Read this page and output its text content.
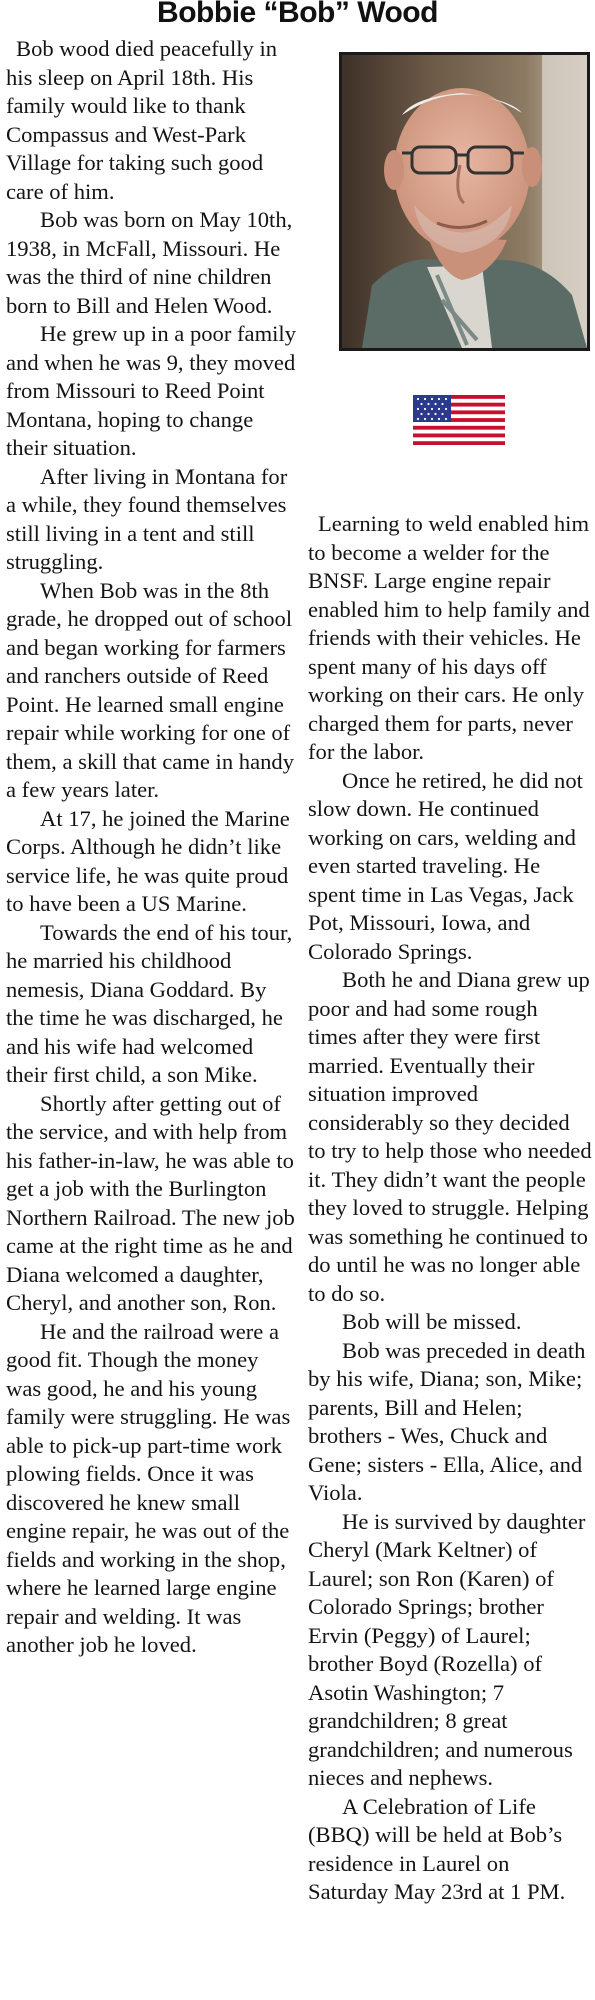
Bobbie “Bob” Wood

Bob wood died peacefully in his sleep on April 18th. His family would like to thank Compassus and West-Park Village for taking such good care of him.

Bob was born on May 10th, 1938, in McFall, Missouri. He was the third of nine children born to Bill and Helen Wood.

He grew up in a poor family and when he was 9, they moved from Missouri to Reed Point Montana, hoping to change their situation.

After living in Montana for a while, they found themselves still living in a tent and still struggling.

When Bob was in the 8th grade, he dropped out of school and began working for farmers and ranchers outside of Reed Point. He learned small engine repair while working for one of them, a skill that came in handy a few years later.

At 17, he joined the Marine Corps. Although he didn’t like service life, he was quite proud to have been a US Marine.

Towards the end of his tour, he married his childhood nemesis, Diana Goddard. By the time he was discharged, he and his wife had welcomed their first child, a son Mike.

Shortly after getting out of the service, and with help from his father-in-law, he was able to get a job with the Burlington Northern Railroad. The new job came at the right time as he and Diana welcomed a daughter, Cheryl, and another son, Ron.

He and the railroad were a good fit. Though the money was good, he and his young family were struggling. He was able to pick-up part-time work plowing fields. Once it was discovered he knew small engine repair, he was out of the fields and working in the shop, where he learned large engine repair and welding. It was another job he loved.

Learning to weld enabled him to become a welder for the BNSF. Large engine repair enabled him to help family and friends with their vehicles. He spent many of his days off working on their cars. He only charged them for parts, never for the labor.

Once he retired, he did not slow down. He continued working on cars, welding and even started traveling. He spent time in Las Vegas, Jack Pot, Missouri, Iowa, and Colorado Springs.

Both he and Diana grew up poor and had some rough times after they were first married. Eventually their situation improved considerably so they decided to try to help those who needed it. They didn’t want the people they loved to struggle. Helping was something he continued to do until he was no longer able to do so.

Bob will be missed.

Bob was preceded in death by his wife, Diana; son, Mike; parents, Bill and Helen; brothers - Wes, Chuck and Gene; sisters - Ella, Alice, and Viola.

He is survived by daughter Cheryl (Mark Keltner) of Laurel; son Ron (Karen) of Colorado Springs; brother Ervin (Peggy) of Laurel; brother Boyd (Rozella) of Asotin Washington; 7 grandchildren; 8 great grandchildren; and numerous nieces and nephews.

A Celebration of Life (BBQ) will be held at Bob’s residence in Laurel on Saturday May 23rd at 1 PM.
